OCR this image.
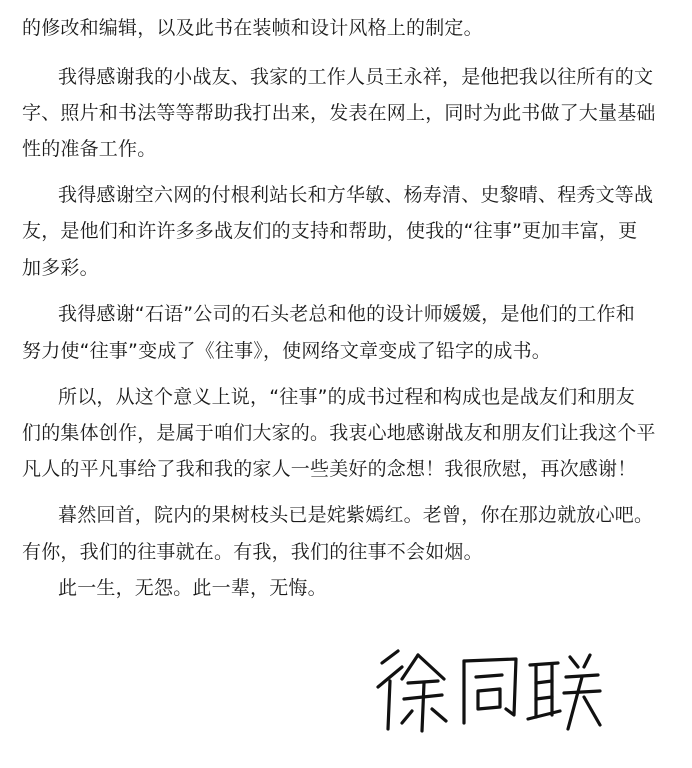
的修改和编辑，以及此书在装帧和设计风格上的制定。
我得感谢我的小战友、我家的工作人员王永祥，是他把我以往所有的文
字、照片和书法等等帮助我打出来，发表在网上，同时为此书做了大量基础
性的准备工作。
我得感谢空六网的付根利站长和方华敏、杨寿清、史黎晴、程秀文等战
友，是他们和许许多多战友们的支持和帮助，使我的“往事”更加丰富，更
加多彩。
我得感谢“石语”公司的石头老总和他的设计师媛媛，是他们的工作和
努力使“往事”变成了《往事》，使网络文章变成了铅字的成书。
所以，从这个意义上说，“往事”的成书过程和构成也是战友们和朋友
们的集体创作，是属于咱们大家的。我衷心地感谢战友和朋友们让我这个平
凡人的平凡事给了我和我的家人一些美好的念想！我很欣慰，再次感谢！
暮然回首，院内的果树枝头已是姹紫嫣红。老曾，你在那边就放心吧。
有你，我们的往事就在。有我，我们的往事不会如烟。
此一生，无怨。此一辈，无悔。
